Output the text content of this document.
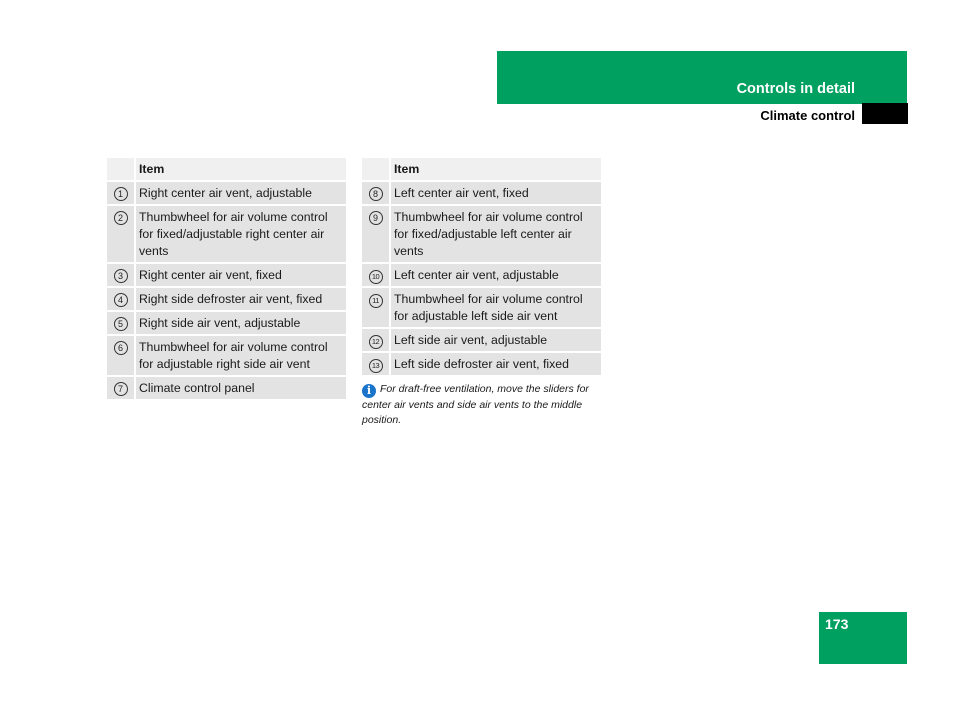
Controls in detail
Climate control
	Item
1	Right center air vent, adjustable
2	Thumbwheel for air volume control for fixed/adjustable right center air vents
3	Right center air vent, fixed
4	Right side defroster air vent, fixed
5	Right side air vent, adjustable
6	Thumbwheel for air volume control for adjustable right side air vent
7	Climate control panel
	Item
8	Left center air vent, fixed
9	Thumbwheel for air volume control for fixed/adjustable left center air vents
10	Left center air vent, adjustable
11	Thumbwheel for air volume control for adjustable left side air vent
12	Left side air vent, adjustable
13	Left side defroster air vent, fixed
i For draft-free ventilation, move the sliders for center air vents and side air vents to the middle position.
173
